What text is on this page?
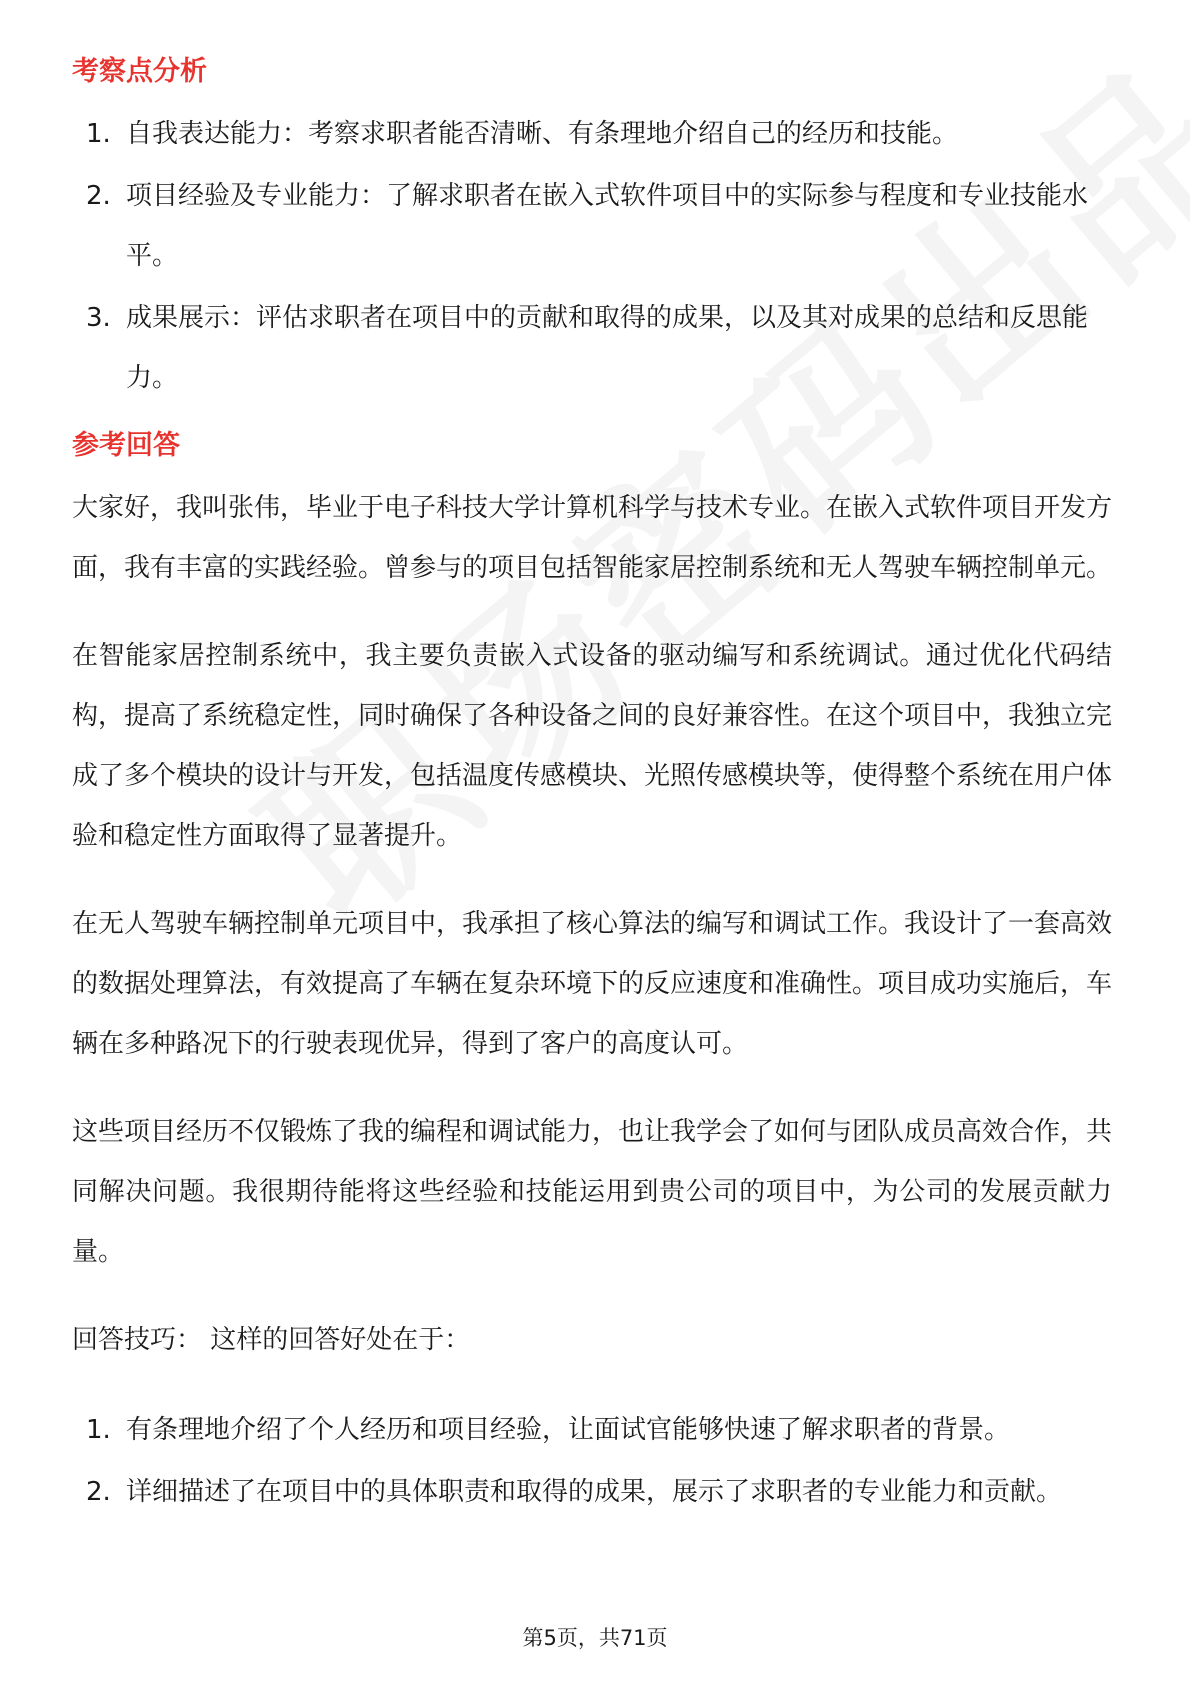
考察点分析
1. 自我表达能力：考察求职者能否清晰、有条理地介绍自己的经历和技能。
2. 项目经验及专业能力：了解求职者在嵌入式软件项目中的实际参与程度和专业技能水平。
3. 成果展示：评估求职者在项目中的贡献和取得的成果，以及其对成果的总结和反思能力。
参考回答

大家好，我叫张伟，毕业于电子科技大学计算机科学与技术专业。在嵌入式软件项目开发方面，我有丰富的实践经验。曾参与的项目包括智能家居控制系统和无人驾驶车辆控制单元。

在智能家居控制系统中，我主要负责嵌入式设备的驱动编写和系统调试。通过优化代码结构，提高了系统稳定性，同时确保了各种设备之间的良好兼容性。在这个项目中，我独立完成了多个模块的设计与开发，包括温度传感模块、光照传感模块等，使得整个系统在用户体验和稳定性方面取得了显著提升。

在无人驾驶车辆控制单元项目中，我承担了核心算法的编写和调试工作。我设计了一套高效的数据处理算法，有效提高了车辆在复杂环境下的反应速度和准确性。项目成功实施后，车辆在多种路况下的行驶表现优异，得到了客户的高度认可。

这些项目经历不仅锻炼了我的编程和调试能力，也让我学会了如何与团队成员高效合作，共同解决问题。我很期待能将这些经验和技能运用到贵公司的项目中，为公司的发展贡献力量。

回答技巧： 这样的回答好处在于：

1. 有条理地介绍了个人经历和项目经验，让面试官能够快速了解求职者的背景。
2. 详细描述了在项目中的具体职责和取得的成果，展示了求职者的专业能力和贡献。
第5页，共71页
